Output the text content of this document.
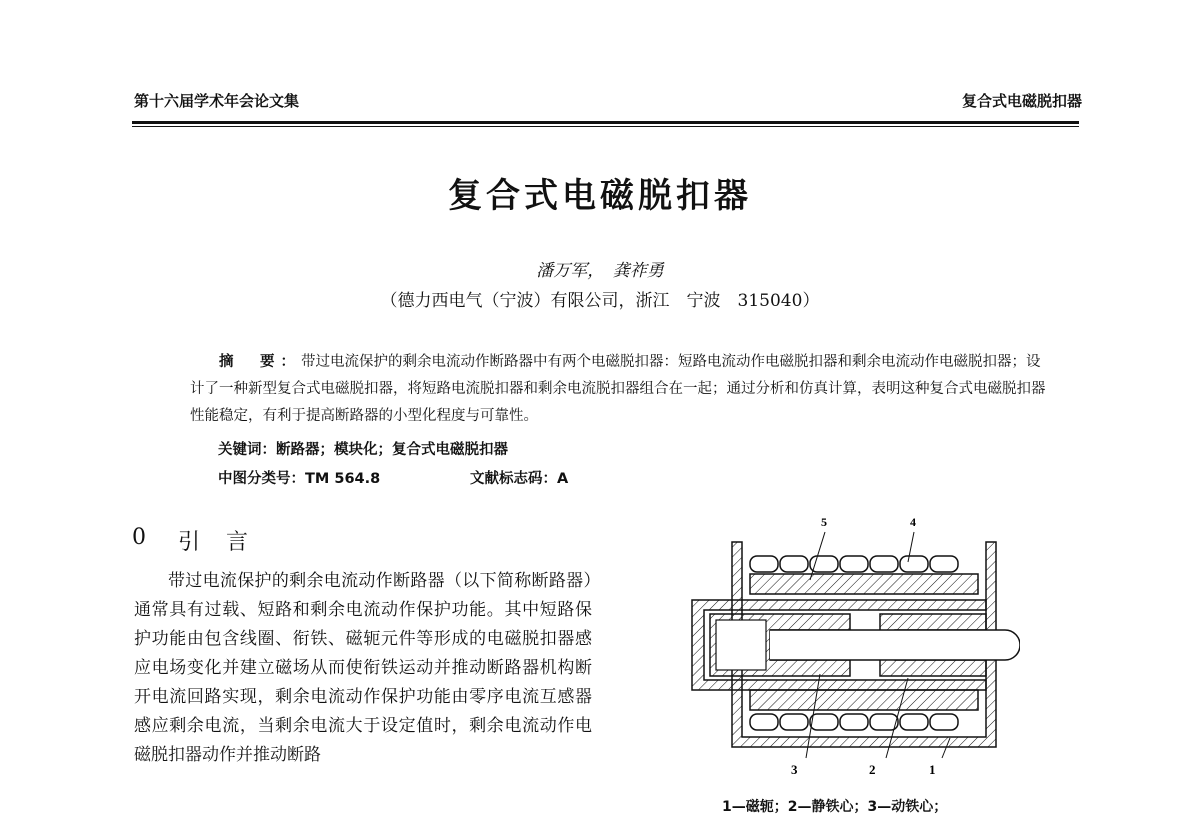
第十六届学术年会论文集	复合式电磁脱扣器
复合式电磁脱扣器
潘万军，　龚祚勇
（德力西电气（宁波）有限公司，浙江　宁波　315040）
摘　要：带过电流保护的剩余电流动作断路器中有两个电磁脱扣器：短路电流动作电磁脱扣器和剩余电流动作电磁脱扣器；设计了一种新型复合式电磁脱扣器，将短路电流脱扣器和剩余电流脱扣器组合在一起；通过分析和仿真计算，表明这种复合式电磁脱扣器性能稳定，有利于提高断路器的小型化程度与可靠性。
关键词：断路器；模块化；复合式电磁脱扣器
中图分类号：TM 564.8	文献标志码：A
0 引言

带过电流保护的剩余电流动作断路器（以下简称断路器）通常具有过载、短路和剩余电流动作保护功能。其中短路保护功能由包含线圈、衔铁、磁轭元件等形成的电磁脱扣器感应电场变化并建立磁场从而使衔铁运动并推动断路器机构断开电流回路实现，剩余电流动作保护功能由零序电流互感器感应剩余电流，当剩余电流大于设定值时，剩余电流动作电磁脱扣器动作并推动断路

5	4
3	2	1
1—磁轭；2—静铁心；3—动铁心；
